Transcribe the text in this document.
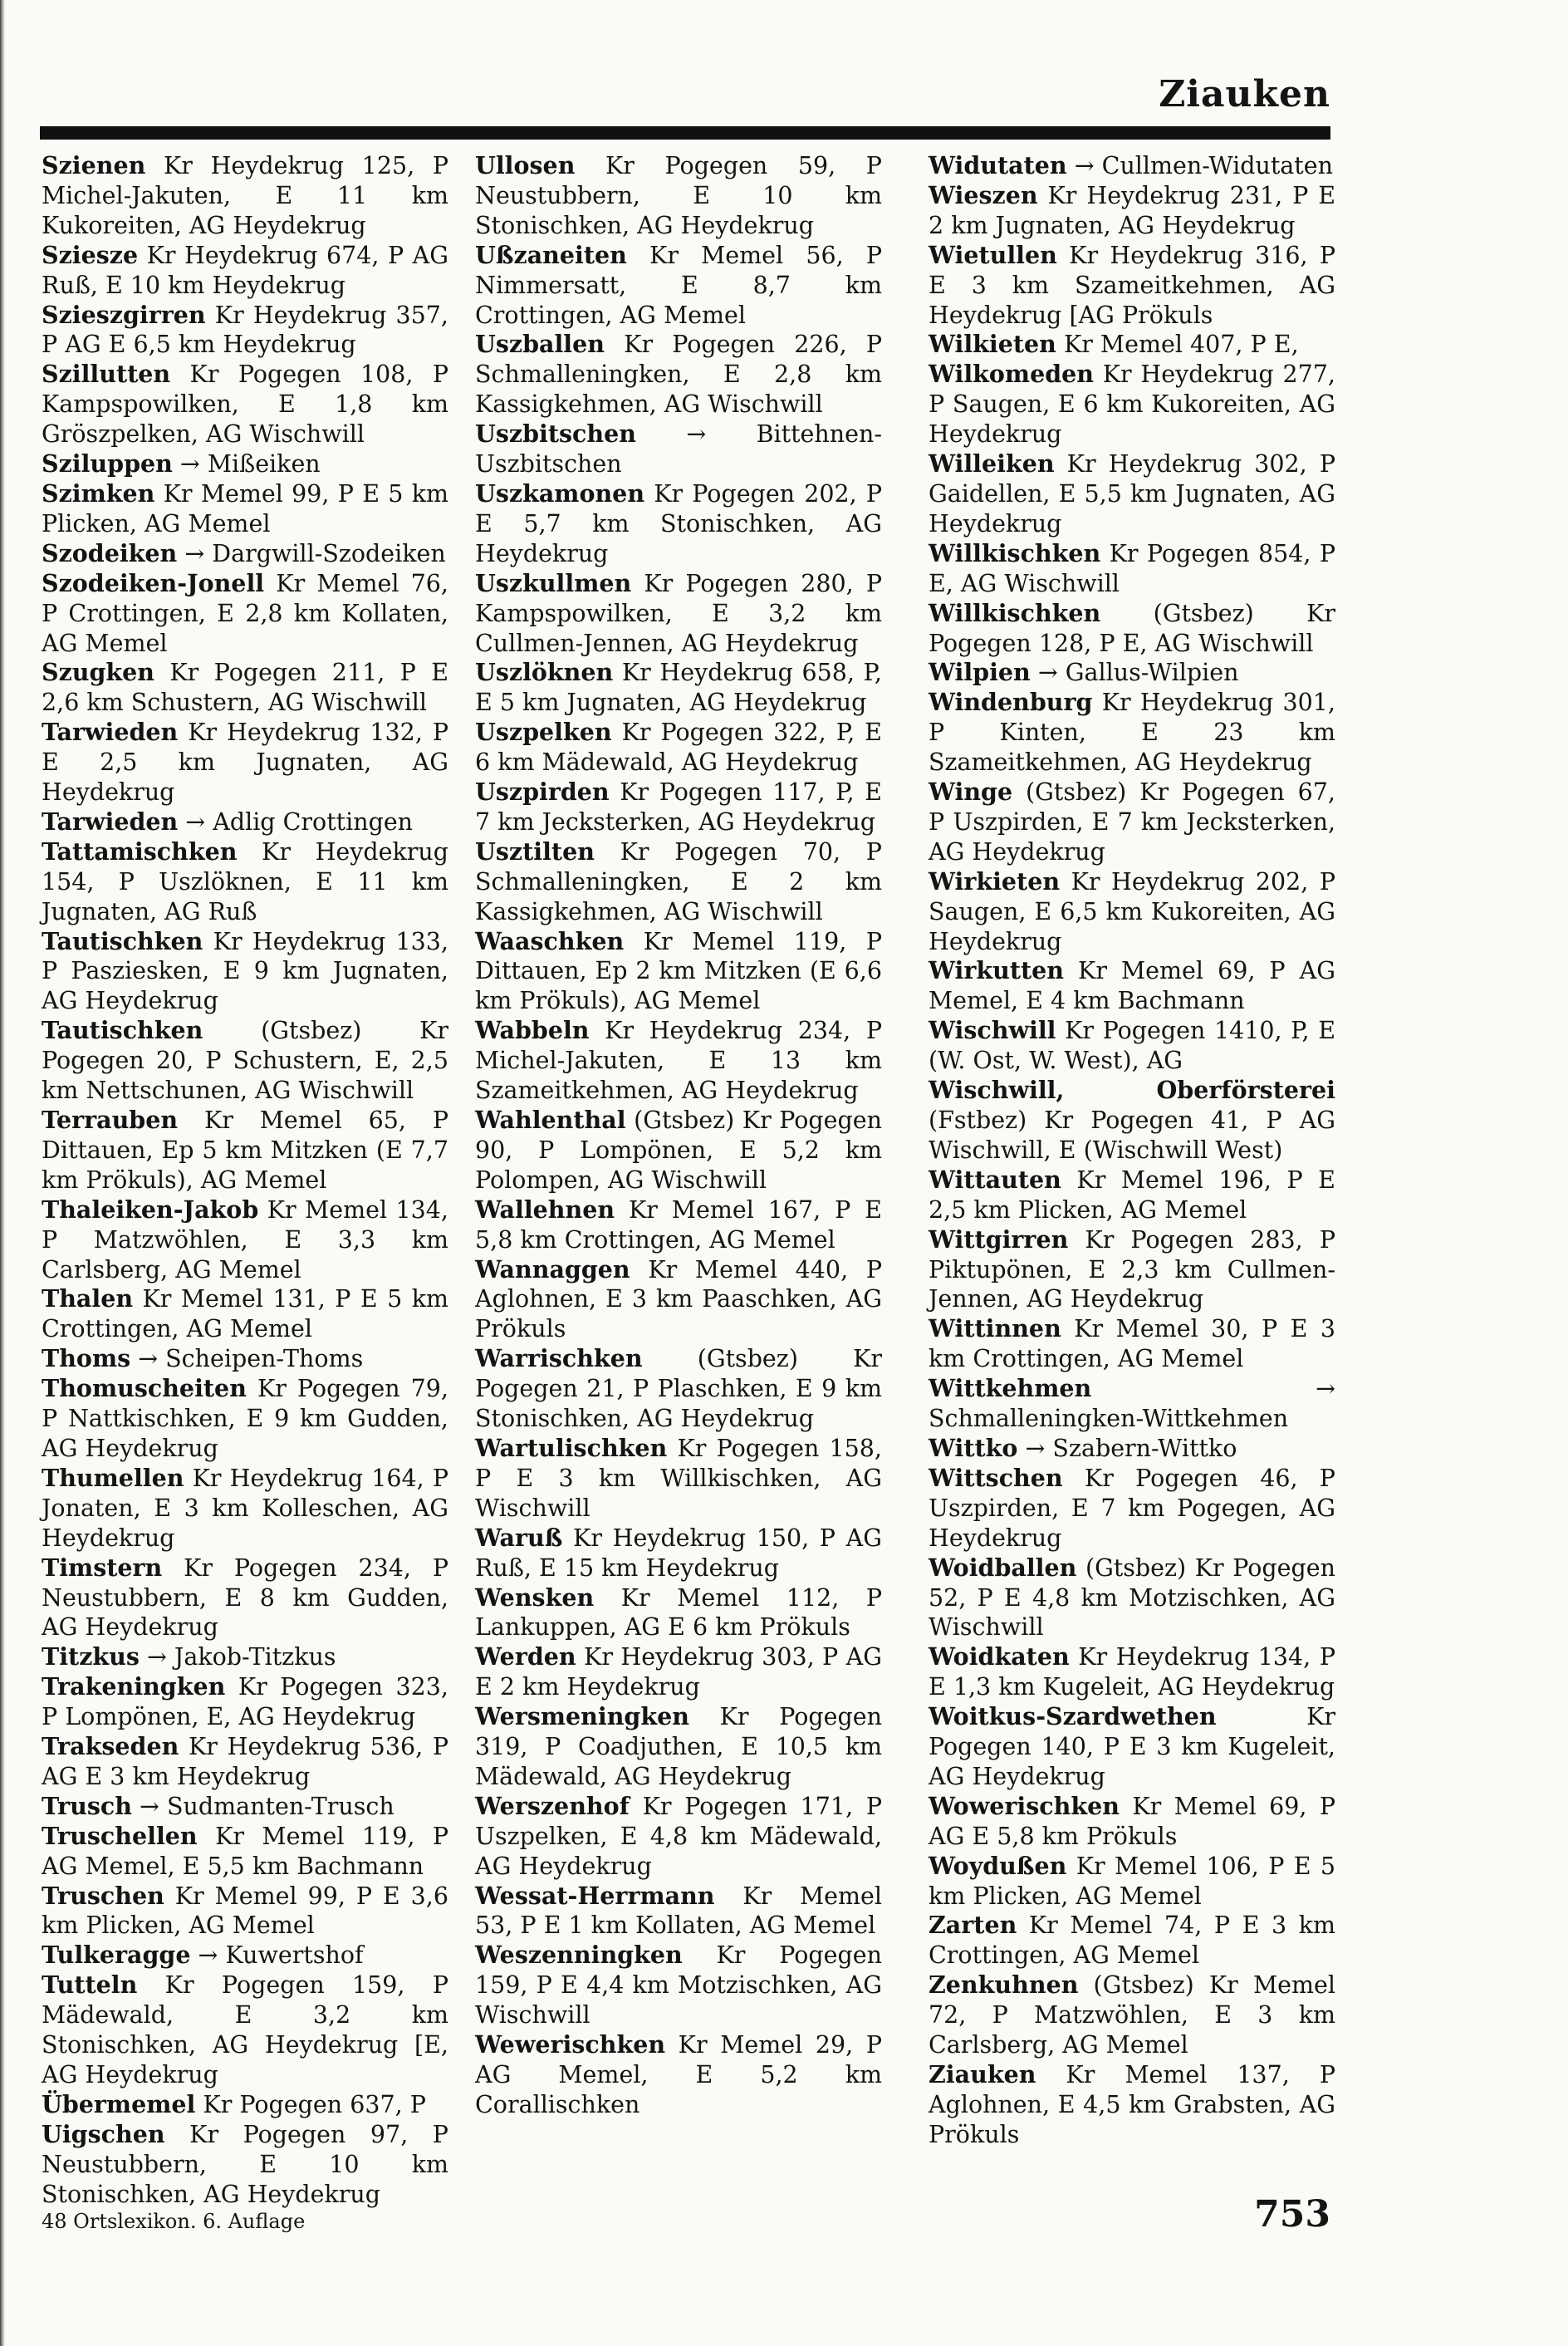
Ziauken

Szienen Kr Heydekrug 125, P Michel-Jakuten, E 11 km Kukoreiten, AG Heydekrug

Sziesze Kr Heydekrug 674, P AG Ruß, E 10 km Heydekrug

Szieszgirren Kr Heydekrug 357, P AG E 6,5 km Heydekrug

Szillutten Kr Pogegen 108, P Kampspowilken, E 1,8 km Gröszpelken, AG Wischwill

Sziluppen → Mißeiken

Szimken Kr Memel 99, P E 5 km Plicken, AG Memel

Szodeiken → Dargwill-Szodeiken

Szodeiken-Jonell Kr Memel 76, P Crottingen, E 2,8 km Kollaten, AG Memel

Szugken Kr Pogegen 211, P E 2,6 km Schustern, AG Wischwill

Tarwieden Kr Heydekrug 132, P E 2,5 km Jugnaten, AG Heydekrug

Tarwieden → Adlig Crottingen

Tattamischken Kr Heydekrug 154, P Uszlöknen, E 11 km Jugnaten, AG Ruß

Tautischken Kr Heydekrug 133, P Pasziesken, E 9 km Jugnaten, AG Heydekrug

Tautischken (Gtsbez) Kr Pogegen 20, P Schustern, E, 2,5 km Nettschunen, AG Wischwill

Terrauben Kr Memel 65, P Dittauen, Ep 5 km Mitzken (E 7,7 km Prökuls), AG Memel

Thaleiken-Jakob Kr Memel 134, P Matzwöhlen, E 3,3 km Carlsberg, AG Memel

Thalen Kr Memel 131, P E 5 km Crottingen, AG Memel

Thoms → Scheipen-Thoms

Thomuscheiten Kr Pogegen 79, P Nattkischken, E 9 km Gudden, AG Heydekrug

Thumellen Kr Heydekrug 164, P Jonaten, E 3 km Kolleschen, AG Heydekrug

Timstern Kr Pogegen 234, P Neustubbern, E 8 km Gudden, AG Heydekrug

Titzkus → Jakob-Titzkus

Trakeningken Kr Pogegen 323, P Lompönen, E, AG Heydekrug

Trakseden Kr Heydekrug 536, P AG E 3 km Heydekrug

Trusch → Sudmanten-Trusch

Truschellen Kr Memel 119, P AG Memel, E 5,5 km Bachmann

Truschen Kr Memel 99, P E 3,6 km Plicken, AG Memel

Tulkeragge → Kuwertshof

Tutteln Kr Pogegen 159, P Mädewald, E 3,2 km Stonischken, AG Heydekrug [E, AG Heydekrug

Übermemel Kr Pogegen 637, P

Uigschen Kr Pogegen 97, P Neustubbern, E 10 km Stonischken, AG Heydekrug

Ullosen Kr Pogegen 59, P Neustubbern, E 10 km Stonischken, AG Heydekrug

Ußzaneiten Kr Memel 56, P Nimmersatt, E 8,7 km Crottingen, AG Memel

Uszballen Kr Pogegen 226, P Schmalleningken, E 2,8 km Kassigkehmen, AG Wischwill

Uszbitschen → Bittehnen-Uszbitschen

Uszkamonen Kr Pogegen 202, P E 5,7 km Stonischken, AG Heydekrug

Uszkullmen Kr Pogegen 280, P Kampspowilken, E 3,2 km Cullmen-Jennen, AG Heydekrug

Uszlöknen Kr Heydekrug 658, P, E 5 km Jugnaten, AG Heydekrug

Uszpelken Kr Pogegen 322, P, E 6 km Mädewald, AG Heydekrug

Uszpirden Kr Pogegen 117, P, E 7 km Jecksterken, AG Heydekrug

Usztilten Kr Pogegen 70, P Schmalleningken, E 2 km Kassigkehmen, AG Wischwill

Waaschken Kr Memel 119, P Dittauen, Ep 2 km Mitzken (E 6,6 km Prökuls), AG Memel

Wabbeln Kr Heydekrug 234, P Michel-Jakuten, E 13 km Szameitkehmen, AG Heydekrug

Wahlenthal (Gtsbez) Kr Pogegen 90, P Lompönen, E 5,2 km Polompen, AG Wischwill

Wallehnen Kr Memel 167, P E 5,8 km Crottingen, AG Memel

Wannaggen Kr Memel 440, P Aglohnen, E 3 km Paaschken, AG Prökuls

Warrischken (Gtsbez) Kr Pogegen 21, P Plaschken, E 9 km Stonischken, AG Heydekrug

Wartulischken Kr Pogegen 158, P E 3 km Willkischken, AG Wischwill

Waruß Kr Heydekrug 150, P AG Ruß, E 15 km Heydekrug

Wensken Kr Memel 112, P Lankuppen, AG E 6 km Prökuls

Werden Kr Heydekrug 303, P AG E 2 km Heydekrug

Wersmeningken Kr Pogegen 319, P Coadjuthen, E 10,5 km Mädewald, AG Heydekrug

Werszenhof Kr Pogegen 171, P Uszpelken, E 4,8 km Mädewald, AG Heydekrug

Wessat-Herrmann Kr Memel 53, P E 1 km Kollaten, AG Memel

Weszenningken Kr Pogegen 159, P E 4,4 km Motzischken, AG Wischwill

Wewerischken Kr Memel 29, P AG Memel, E 5,2 km Corallischken

Widutaten → Cullmen-Widutaten

Wieszen Kr Heydekrug 231, P E 2 km Jugnaten, AG Heydekrug

Wietullen Kr Heydekrug 316, P E 3 km Szameitkehmen, AG Heydekrug [AG Prökuls

Wilkieten Kr Memel 407, P E,

Wilkomeden Kr Heydekrug 277, P Saugen, E 6 km Kukoreiten, AG Heydekrug

Willeiken Kr Heydekrug 302, P Gaidellen, E 5,5 km Jugnaten, AG Heydekrug

Willkischken Kr Pogegen 854, P E, AG Wischwill

Willkischken (Gtsbez) Kr Pogegen 128, P E, AG Wischwill

Wilpien → Gallus-Wilpien

Windenburg Kr Heydekrug 301, P Kinten, E 23 km Szameitkehmen, AG Heydekrug

Winge (Gtsbez) Kr Pogegen 67, P Uszpirden, E 7 km Jecksterken, AG Heydekrug

Wirkieten Kr Heydekrug 202, P Saugen, E 6,5 km Kukoreiten, AG Heydekrug

Wirkutten Kr Memel 69, P AG Memel, E 4 km Bachmann

Wischwill Kr Pogegen 1410, P, E (W. Ost, W. West), AG

Wischwill, Oberförsterei (Fstbez) Kr Pogegen 41, P AG Wischwill, E (Wischwill West)

Wittauten Kr Memel 196, P E 2,5 km Plicken, AG Memel

Wittgirren Kr Pogegen 283, P Piktupönen, E 2,3 km Cullmen-Jennen, AG Heydekrug

Wittinnen Kr Memel 30, P E 3 km Crottingen, AG Memel

Wittkehmen → Schmalleningken-Wittkehmen

Wittko → Szabern-Wittko

Wittschen Kr Pogegen 46, P Uszpirden, E 7 km Pogegen, AG Heydekrug

Woidballen (Gtsbez) Kr Pogegen 52, P E 4,8 km Motzischken, AG Wischwill

Woidkaten Kr Heydekrug 134, P E 1,3 km Kugeleit, AG Heydekrug

Woitkus-Szardwethen Kr Pogegen 140, P E 3 km Kugeleit, AG Heydekrug

Wowerischken Kr Memel 69, P AG E 5,8 km Prökuls

Woydußen Kr Memel 106, P E 5 km Plicken, AG Memel

Zarten Kr Memel 74, P E 3 km Crottingen, AG Memel

Zenkuhnen (Gtsbez) Kr Memel 72, P Matzwöhlen, E 3 km Carlsberg, AG Memel

Ziauken Kr Memel 137, P Aglohnen, E 4,5 km Grabsten, AG Prökuls

48 Ortslexikon. 6. Auflage	753
